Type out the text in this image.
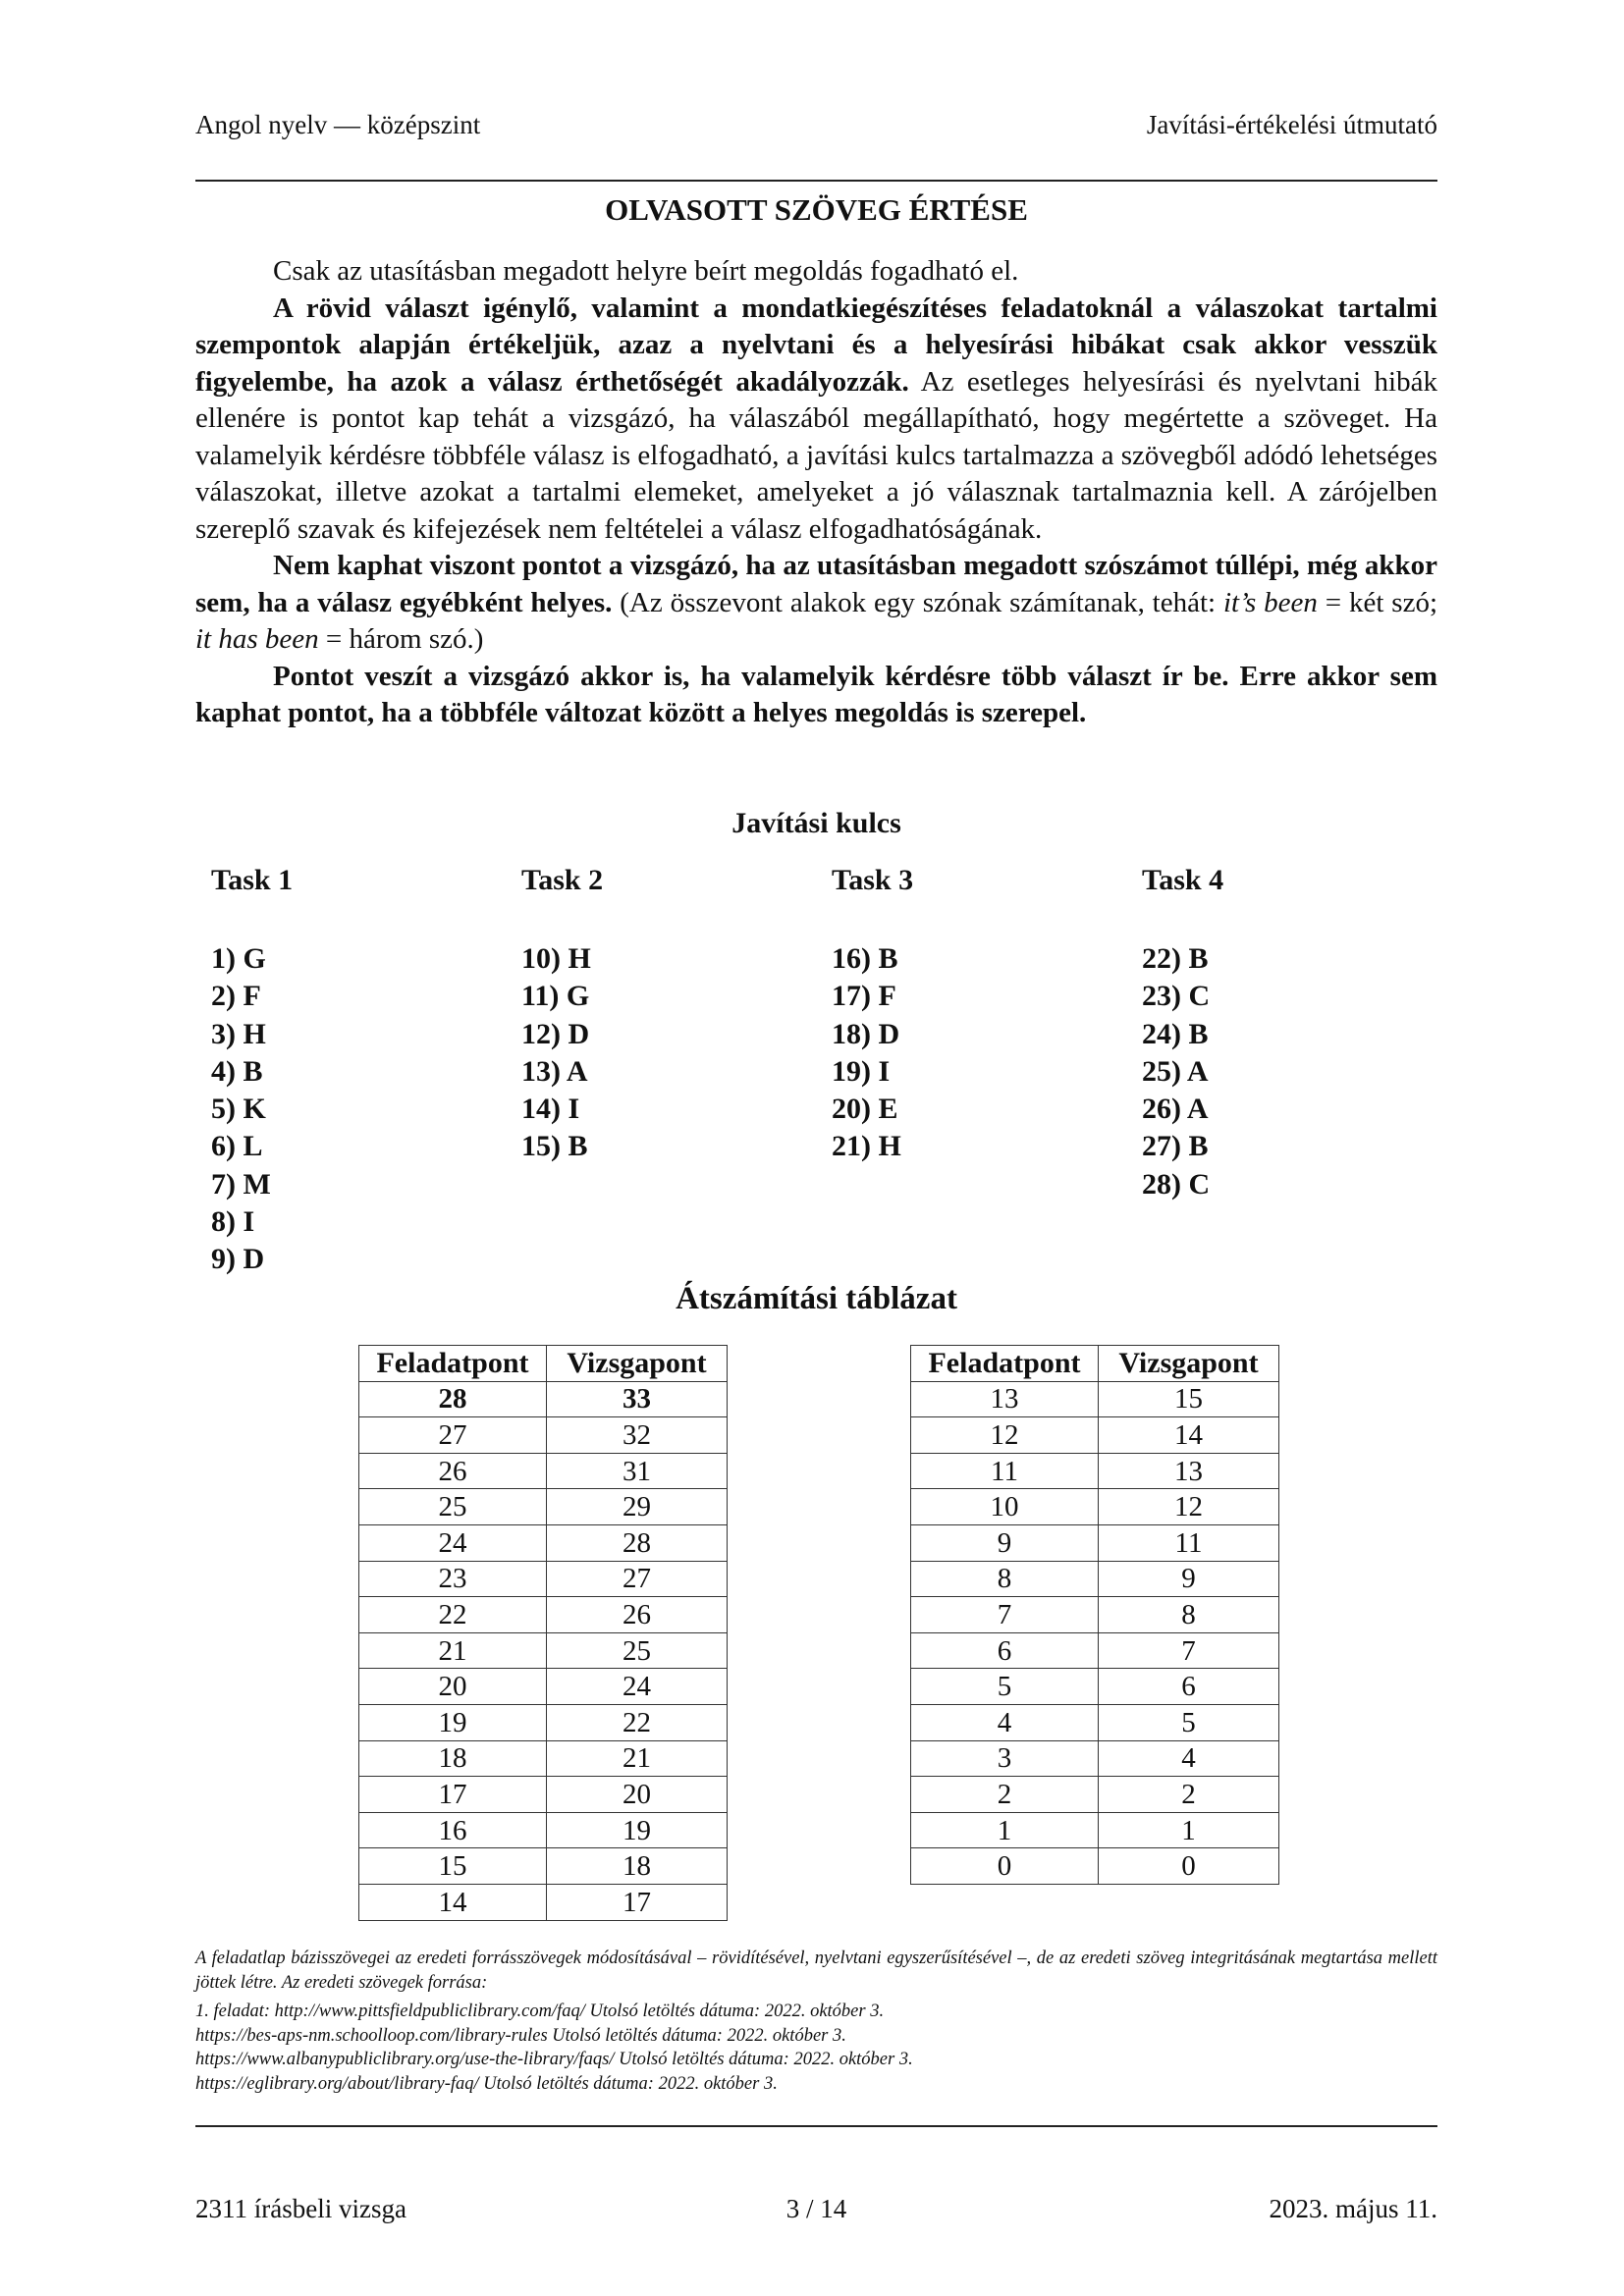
Angol nyelv — középszint	Javítási-értékelési útmutató
OLVASOTT SZÖVEG ÉRTÉSE

Csak az utasításban megadott helyre beírt megoldás fogadható el.

A rövid választ igénylő, valamint a mondatkiegészítéses feladatoknál a válaszokat tartalmi szempontok alapján értékeljük, azaz a nyelvtani és a helyesírási hibákat csak akkor vesszük figyelembe, ha azok a válasz érthetőségét akadályozzák. Az esetleges helyesírási és nyelvtani hibák ellenére is pontot kap tehát a vizsgázó, ha válaszából megállapítható, hogy megértette a szöveget. Ha valamelyik kérdésre többféle válasz is elfogadható, a javítási kulcs tartalmazza a szövegből adódó lehetséges válaszokat, illetve azokat a tartalmi elemeket, amelyeket a jó válasznak tartalmaznia kell. A zárójelben szereplő szavak és kifejezések nem feltételei a válasz elfogadhatóságának.

Nem kaphat viszont pontot a vizsgázó, ha az utasításban megadott szószámot túllépi, még akkor sem, ha a válasz egyébként helyes. (Az összevont alakok egy szónak számítanak, tehát: it’s been = két szó; it has been = három szó.)

Pontot veszít a vizsgázó akkor is, ha valamelyik kérdésre több választ ír be. Erre akkor sem kaphat pontot, ha a többféle változat között a helyes megoldás is szerepel.

Javítási kulcs
Task 1
1) G
2) F
3) H
4) B
5) K
6) L
7) M
8) I
9) D
Task 2
10) H
11) G
12) D
13) A
14) I
15) B
Task 3
16) B
17) F
18) D
19) I
20) E
21) H
Task 4
22) B
23) C
24) B
25) A
26) A
27) B
28) C
Átszámítási táblázat
Feladatpont	Vizsgapont
28	33
27	32
26	31
25	29
24	28
23	27
22	26
21	25
20	24
19	22
18	21
17	20
16	19
15	18
14	17
Feladatpont	Vizsgapont
13	15
12	14
11	13
10	12
9	11
8	9
7	8
6	7
5	6
4	5
3	4
2	2
1	1
0	0
A feladatlap bázisszövegei az eredeti forrásszövegek módosításával – rövidítésével, nyelvtani egyszerűsítésével –, de az eredeti szöveg integritásának megtartása mellett jöttek létre. Az eredeti szövegek forrása:
1. feladat: http://www.pittsfieldpubliclibrary.com/faq/ Utolsó letöltés dátuma: 2022. október 3.
https://bes-aps-nm.schoolloop.com/library-rules Utolsó letöltés dátuma: 2022. október 3.
https://www.albanypubliclibrary.org/use-the-library/faqs/ Utolsó letöltés dátuma: 2022. október 3.
https://eglibrary.org/about/library-faq/ Utolsó letöltés dátuma: 2022. október 3.
2311 írásbeli vizsga	3 / 14	2023. május 11.
